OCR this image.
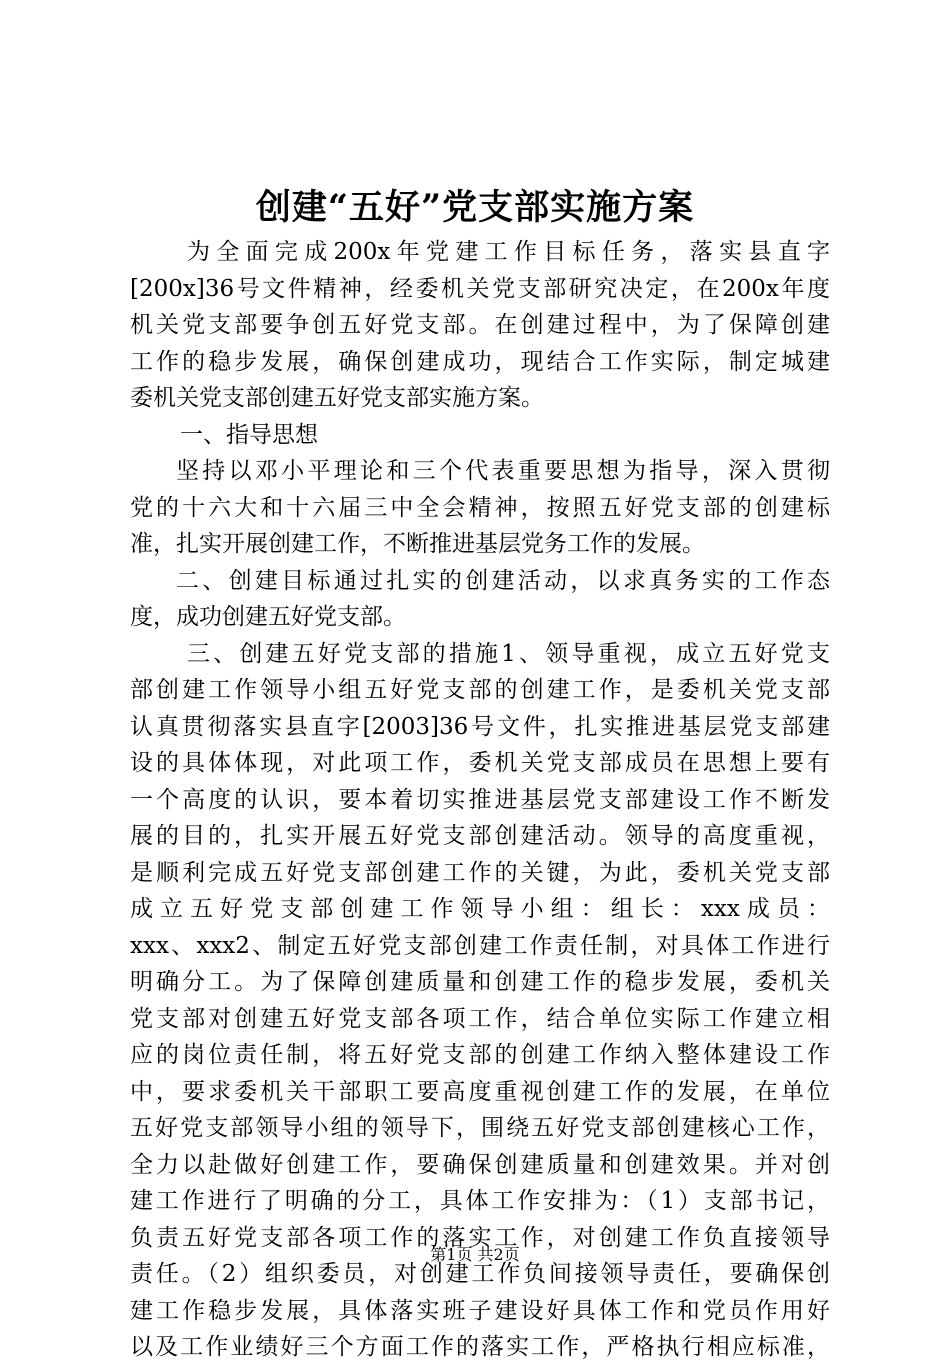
创建“五好”党支部实施方案
为全面完成200x年党建工作目标任务，落实县直字
[200x]36号文件精神，经委机关党支部研究决定，在200x年度
机关党支部要争创五好党支部。在创建过程中，为了保障创建
工作的稳步发展，确保创建成功，现结合工作实际，制定城建
委机关党支部创建五好党支部实施方案。
一、指导思想
坚持以邓小平理论和三个代表重要思想为指导，深入贯彻
党的十六大和十六届三中全会精神，按照五好党支部的创建标
准，扎实开展创建工作，不断推进基层党务工作的发展。
二、创建目标通过扎实的创建活动，以求真务实的工作态
度，成功创建五好党支部。
三、创建五好党支部的措施1、领导重视，成立五好党支
部创建工作领导小组五好党支部的创建工作，是委机关党支部
认真贯彻落实县直字[2003]36号文件，扎实推进基层党支部建
设的具体体现，对此项工作，委机关党支部成员在思想上要有
一个高度的认识，要本着切实推进基层党支部建设工作不断发
展的目的，扎实开展五好党支部创建活动。领导的高度重视，
是顺利完成五好党支部创建工作的关键，为此，委机关党支部
成立五好党支部创建工作领导小组：组长：xxx成员：
xxx、xxx2、制定五好党支部创建工作责任制，对具体工作进行
明确分工。为了保障创建质量和创建工作的稳步发展，委机关
党支部对创建五好党支部各项工作，结合单位实际工作建立相
应的岗位责任制，将五好党支部的创建工作纳入整体建设工作
中，要求委机关干部职工要高度重视创建工作的发展，在单位
五好党支部领导小组的领导下，围绕五好党支部创建核心工作，
全力以赴做好创建工作，要确保创建质量和创建效果。并对创
建工作进行了明确的分工，具体工作安排为：（1）支部书记，
负责五好党支部各项工作的落实工作，对创建工作负直接领导
责任。（2）组织委员，对创建工作负间接领导责任，要确保创
建工作稳步发展，具体落实班子建设好具体工作和党员作用好
以及工作业绩好三个方面工作的落实工作，严格执行相应标准，
第1页 共2页
